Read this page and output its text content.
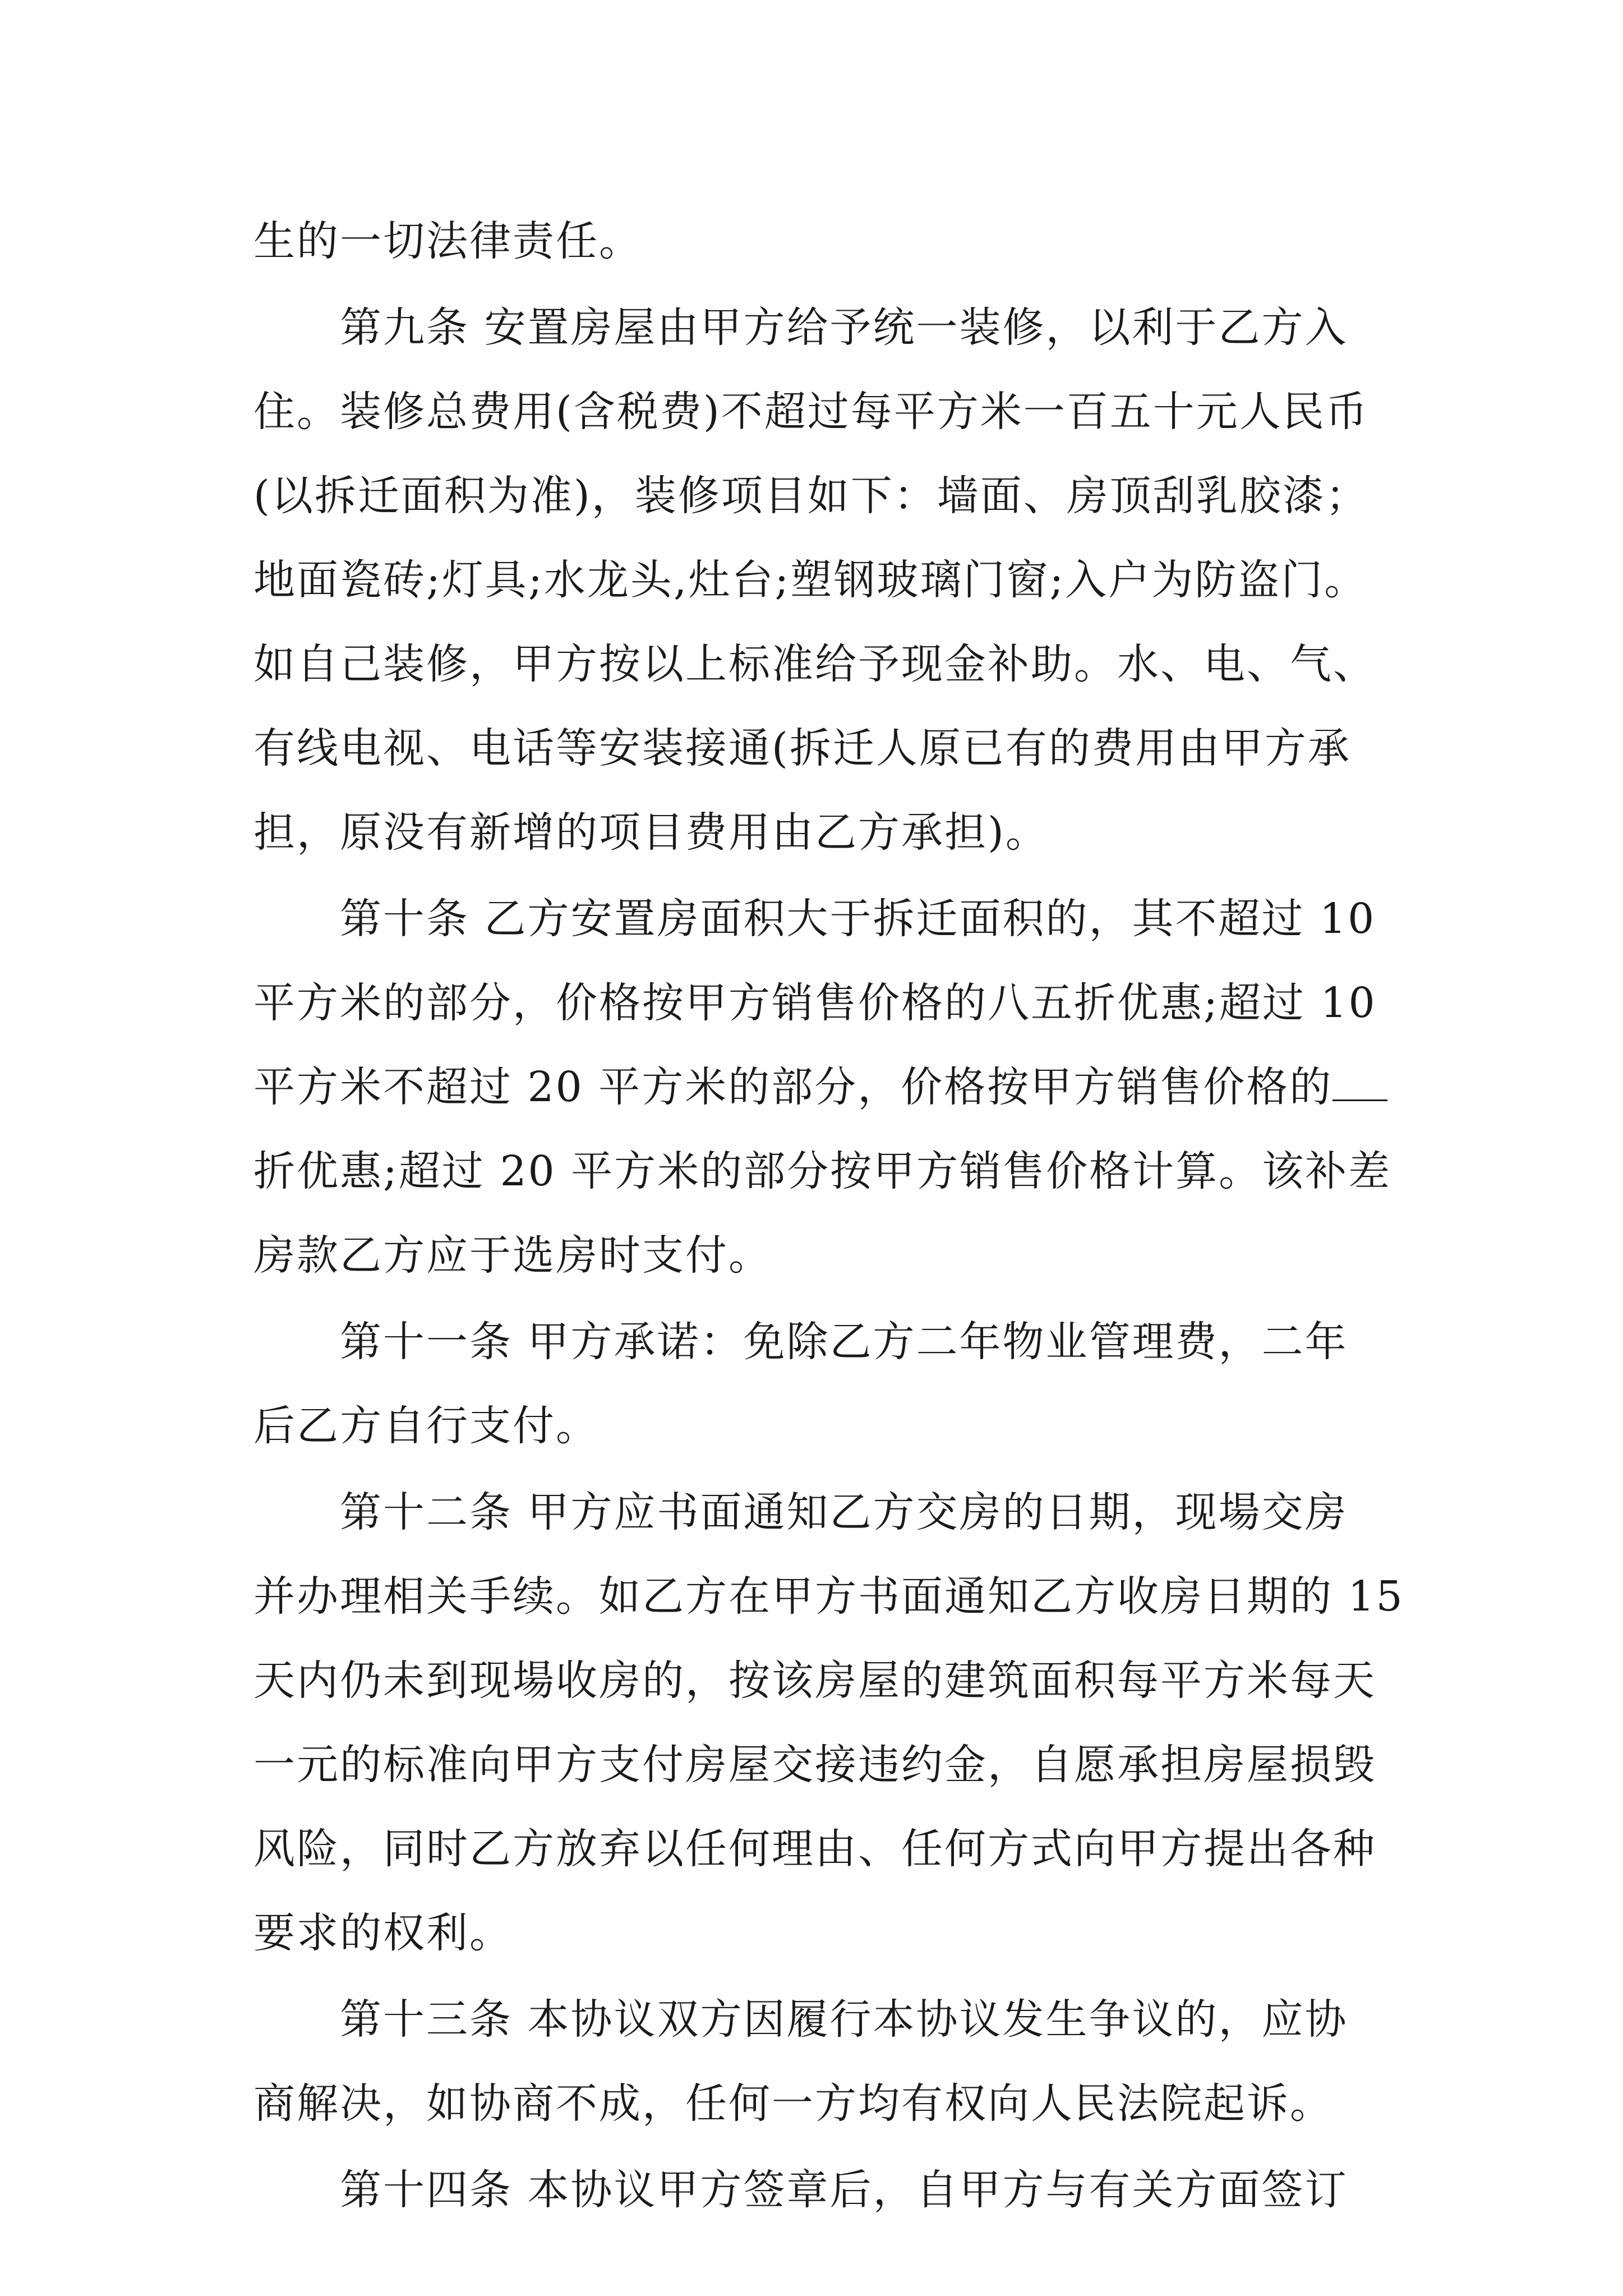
生的一切法律责任。
第九条 安置房屋由甲方给予统一装修，以利于乙方入
住。装修总费用(含税费)不超过每平方米一百五十元人民币
(以拆迁面积为准)，装修项目如下：墙面、房顶刮乳胶漆；
地面瓷砖;灯具;水龙头,灶台;塑钢玻璃门窗;入户为防盗门。
如自己装修，甲方按以上标准给予现金补助。水、电、气、
有线电视、电话等安装接通(拆迁人原已有的费用由甲方承
担，原没有新增的项目费用由乙方承担)。
第十条 乙方安置房面积大于拆迁面积的，其不超过 10
平方米的部分，价格按甲方销售价格的八五折优惠;超过 10
平方米不超过 20 平方米的部分，价格按甲方销售价格的
折优惠;超过 20 平方米的部分按甲方销售价格计算。该补差
房款乙方应于选房时支付。
第十一条 甲方承诺：免除乙方二年物业管理费，二年
后乙方自行支付。
第十二条 甲方应书面通知乙方交房的日期，现場交房
并办理相关手续。如乙方在甲方书面通知乙方收房日期的 15
天内仍未到现場收房的，按该房屋的建筑面积每平方米每天
一元的标准向甲方支付房屋交接违约金，自愿承担房屋损毁
风险，同时乙方放弃以任何理由、任何方式向甲方提出各种
要求的权利。
第十三条 本协议双方因履行本协议发生争议的，应协
商解决，如协商不成，任何一方均有权向人民法院起诉。
第十四条 本协议甲方签章后，自甲方与有关方面签订
